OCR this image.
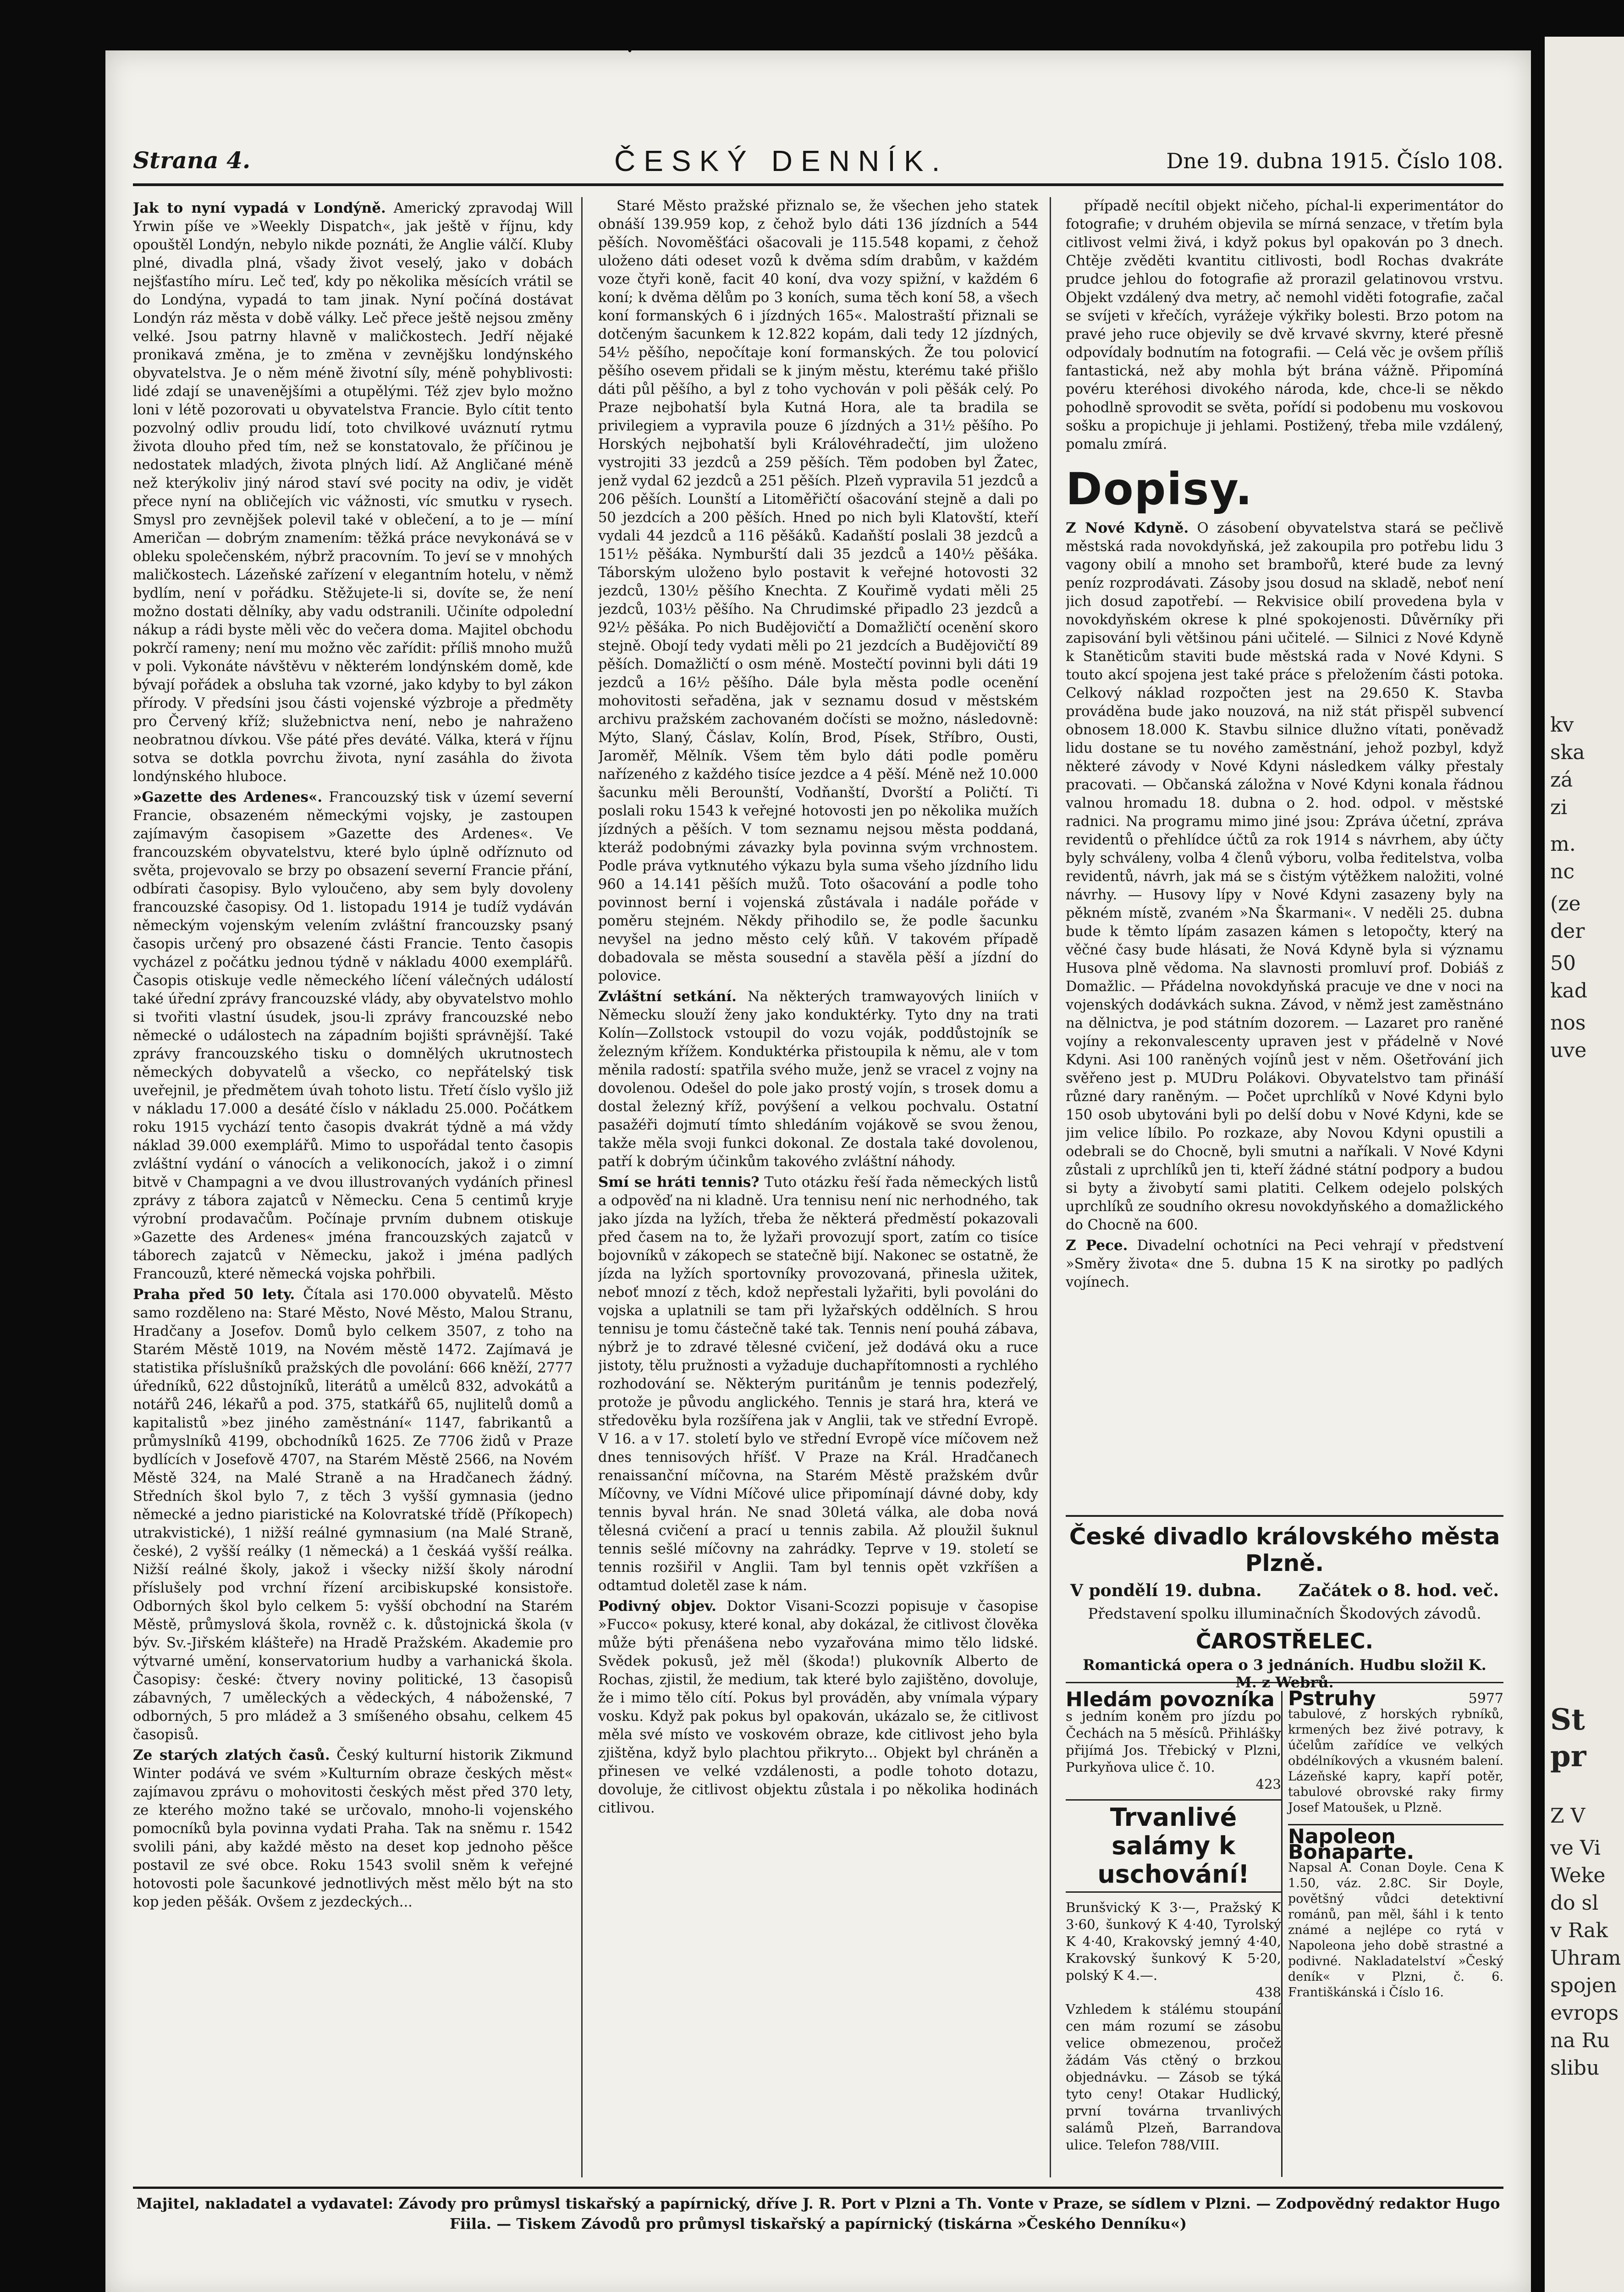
Strana 4.	ČESKÝ DENNÍK.	Dne 19. dubna 1915. Číslo 108.

Jak to nyní vypadá v Londýně. Americký zpravodaj Will Yrwin píše ve »Weekly Dispatch«, jak ještě v říjnu, kdy opouštěl Londýn, nebylo nikde poznáti, že Anglie válčí. Kluby plné, divadla plná, všady život veselý, jako v dobách nejšťastího míru. Leč teď, kdy po několika měsících vrátil se do Londýna, vypadá to tam jinak. Nyní počíná dostávat Londýn ráz města v době války. Leč přece ještě nejsou změny velké. Jsou patrny hlavně v maličkostech. Jedří nějaké pronikavá změna, je to změna v zevnějšku londýnského obyvatelstva. Je o něm méně životní síly, méně pohyblivosti: lidé zdají se unavenějšími a otupělými. Též zjev bylo možno loni v létě pozorovati u obyvatelstva Francie. Bylo cítit tento pozvolný odliv proudu lidí, toto chvilkové uváznutí rytmu života dlouho před tím, než se konstatovalo, že příčinou je nedostatek mladých, života plných lidí. Až Angličané méně než kterýkoliv jiný národ staví své pocity na odiv, je vidět přece nyní na obličejích vic vážnosti, víc smutku v rysech. Smysl pro zevnějšek polevil také v oblečení, a to je — míní Američan — dobrým znamením: těžká práce nevykonává se v obleku společenském, nýbrž pracovním. To jeví se v mnohých maličkostech. Lázeňské zařízení v elegantním hotelu, v němž bydlím, není v pořádku. Stěžujete-li si, dovíte se, že není možno dostati dělníky, aby vadu odstranili. Učiníte odpolední nákup a rádi byste měli věc do večera doma. Majitel obchodu pokrčí rameny; není mu možno věc zařídit: příliš mnoho mužů v poli. Vykonáte návštěvu v některém londýnském domě, kde bývají pořádek a obsluha tak vzorné, jako kdyby to byl zákon přírody. V předsíni jsou části vojenské výzbroje a předměty pro Červený kříž; služebnictva není, nebo je nahraženo neobratnou dívkou. Vše páté přes deváté. Válka, která v říjnu sotva se dotkla povrchu života, nyní zasáhla do života londýnského hluboce.

»Gazette des Ardenes«. Francouzský tisk v území severní Francie, obsazeném německými vojsky, je zastoupen zajímavým časopisem »Gazette des Ardenes«. Ve francouzském obyvatelstvu, které bylo úplně odříznuto od světa, projevovalo se brzy po obsazení severní Francie přání, odbírati časopisy. Bylo vyloučeno, aby sem byly dovoleny francouzské časopisy. Od 1. listopadu 1914 je tudíž vydáván německým vojenským velením zvláštní francouzsky psaný časopis určený pro obsazené části Francie. Tento časopis vycházel z počátku jednou týdně v nákladu 4000 exemplářů. Časopis otiskuje vedle německého líčení válečných událostí také úřední zprávy francouzské vlády, aby obyvatelstvo mohlo si tvořiti vlastní úsudek, jsou-li zprávy francouzské nebo německé o událostech na západním bojišti správnější. Také zprávy francouzského tisku o domnělých ukrutnostech německých dobyvatelů a všecko, co nepřátelský tisk uveřejnil, je předmětem úvah tohoto listu. Třetí číslo vyšlo již v nákladu 17.000 a desáté číslo v nákladu 25.000. Počátkem roku 1915 vychází tento časopis dvakrát týdně a má vždy náklad 39.000 exemplářů. Mimo to uspořádal tento časopis zvláštní vydání o vánocích a velikonocích, jakož i o zimní bitvě v Champagni a ve dvou illustrovaných vydáních přinesl zprávy z tábora zajatců v Německu. Cena 5 centimů kryje výrobní prodavačům. Počínaje prvním dubnem otiskuje »Gazette des Ardenes« jména francouzských zajatců v táborech zajatců v Německu, jakož i jména padlých Francouzů, které německá vojska pohřbili.

Praha před 50 lety. Čítala asi 170.000 obyvatelů. Město samo rozděleno na: Staré Město, Nové Město, Malou Stranu, Hradčany a Josefov. Domů bylo celkem 3507, z toho na Starém Městě 1019, na Novém městě 1472. Zajímavá je statistika příslušníků pražských dle povolání: 666 kněží, 2777 úředníků, 622 důstojníků, literátů a umělců 832, advokátů a notářů 246, lékařů a pod. 375, statkářů 65, nujlitelů domů a kapitalistů »bez jiného zaměstnání« 1147, fabrikantů a průmyslníků 4199, obchodníků 1625. Ze 7706 židů v Praze bydlících v Josefově 4707, na Starém Městě 2566, na Novém Městě 324, na Malé Straně a na Hradčanech žádný. Středních škol bylo 7, z těch 3 vyšší gymnasia (jedno německé a jedno piaristické na Kolovratské třídě (Příkopech) utrakvistické), 1 nižší reálné gymnasium (na Malé Straně, české), 2 vyšší reálky (1 německá) a 1 českáá vyšší reálka. Nižší reálné školy, jakož i všecky nižší školy národní příslušely pod vrchní řízení arcibiskupské konsistoře. Odborných škol bylo celkem 5: vyšší obchodní na Starém Městě, průmyslová škola, rovněž c. k. důstojnická škola (v býv. Sv.-Jiřském klášteře) na Hradě Pražském. Akademie pro výtvarné umění, konservatorium hudby a varhanická škola. Časopisy: české: čtvery noviny politické, 13 časopisů zábavných, 7 uměleckých a vědeckých, 4 náboženské, 7 odborných, 5 pro mládež a 3 smíšeného obsahu, celkem 45 časopisů.

Ze starých zlatých časů. Český kulturní historik Zikmund Winter podává ve svém »Kulturním obraze českých měst« zajímavou zprávu o mohovitosti českých měst před 370 lety, ze kterého možno také se určovalo, mnoho-li vojenského pomocníků byla povinna vydati Praha. Tak na sněmu r. 1542 svolili páni, aby každé město na deset kop jednoho pěšce postavil ze své obce. Roku 1543 svolil sněm k veřejné hotovosti pole šacunkové jednotlivých měst mělo být na sto kop jeden pěšák. Ovšem z jezdeckých...

Staré Město pražské přiznalo se, že všechen jeho statek obnáší 139.959 kop, z čehož bylo dáti 136 jízdních a 544 pěších. Novoměšťáci ošacovali je 115.548 kopami, z čehož uloženo dáti odeset vozů k dvěma sdím drabům, v každém voze čtyři koně, facit 40 koní, dva vozy spižní, v každém 6 koní; k dvěma dělům po 3 koních, suma těch koní 58, a všech koní formanských 6 i jízdných 165«. Malostraští přiznali se dotčeným šacunkem k 12.822 kopám, dali tedy 12 jízdných, 54½ pěšího, nepočítaje koní formanských. Že tou polovicí pěšího osevem přidali se k jiným městu, kterému také přišlo dáti půl pěšího, a byl z toho vychován v poli pěšák celý. Po Praze nejbohatší byla Kutná Hora, ale ta bradila se privilegiem a vypravila pouze 6 jízdných a 31½ pěšího. Po Horských nejbohatší byli Královéhradečtí, jim uloženo vystrojiti 33 jezdců a 259 pěších. Těm podoben byl Žatec, jenž vydal 62 jezdců a 251 pěších. Plzeň vypravila 51 jezdců a 206 pěších. Lounští a Litoměřičtí ošacování stejně a dali po 50 jezdcích a 200 pěších. Hned po nich byli Klatovští, kteří vydali 44 jezdců a 116 pěšáků. Kadaňští poslali 38 jezdců a 151½ pěšáka. Nymburští dali 35 jezdců a 140½ pěšáka. Táborským uloženo bylo postavit k veřejné hotovosti 32 jezdců, 130½ pěšího Knechta. Z Kouřimě vydati měli 25 jezdců, 103½ pěšího. Na Chrudimské připadlo 23 jezdců a 92½ pěšáka. Po nich Budějovičtí a Domažličtí ocenění skoro stejně. Obojí tedy vydati měli po 21 jezdcích a Budějovičtí 89 pěších. Domažličtí o osm méně. Mostečtí povinni byli dáti 19 jezdců a 16½ pěšího. Dále byla města podle ocenění mohovitosti seřaděna, jak v seznamu dosud v městském archivu pražském zachovaném dočísti se možno, následovně: Mýto, Slaný, Čáslav, Kolín, Brod, Písek, Stříbro, Ousti, Jaroměř, Mělník. Všem těm bylo dáti podle poměru nařízeného z každého tisíce jezdce a 4 pěší. Méně než 10.000 šacunku měli Berounští, Vodňanští, Dvorští a Poličtí. Ti poslali roku 1543 k veřejné hotovosti jen po několika mužích jízdných a pěších. V tom seznamu nejsou města poddaná, kteráž podobnými závazky byla povinna svým vrchnostem. Podle práva vytknutého výkazu byla suma všeho jízdního lidu 960 a 14.141 pěších mužů. Toto ošacování a podle toho povinnost berní i vojenská zůstávala i nadále pořáde v poměru stejném. Někdy přihodilo se, že podle šacunku nevyšel na jedno město celý kůň. V takovém případě dobadovala se města sousední a stavěla pěší a jízdní do polovice.

Zvláštní setkání. Na některých tramwayových liniích v Německu slouží ženy jako konduktérky. Tyto dny na trati Kolín—Zollstock vstoupil do vozu voják, poddůstojník se železným křížem. Konduktérka přistoupila k němu, ale v tom měnila radostí: spatřila svého muže, jenž se vracel z vojny na dovolenou. Odešel do pole jako prostý vojín, s trosek domu a dostal železný kříž, povýšení a velkou pochvalu. Ostatní pasažéři dojmutí tímto shledáním vojákově se svou ženou, takže měla svoji funkci dokonal. Ze dostala také dovolenou, patří k dobrým účinkům takového zvláštní náhody.

Smí se hráti tennis? Tuto otázku řeší řada německých listů a odpověď na ni kladně. Ura tennisu není nic nerhodného, tak jako jízda na lyžích, třeba že některá předměstí pokazovali před časem na to, že lyžaři provozují sport, zatím co tisíce bojovníků v zákopech se statečně bijí. Nakonec se ostatně, že jízda na lyžích sportovníky provozovaná, přinesla užitek, neboť mnozí z těch, kdož nepřestali lyžařiti, byli povoláni do vojska a uplatnili se tam při lyžařských oddělních. S hrou tennisu je tomu částečně také tak. Tennis není pouhá zábava, nýbrž je to zdravé tělesné cvičení, jež dodává oku a ruce jistoty, tělu pružnosti a vyžaduje duchapřítomnosti a rychlého rozhodování se. Některým puritánům je tennis podezřelý, protože je původu anglického. Tennis je stará hra, která ve středověku byla rozšířena jak v Anglii, tak ve střední Evropě. V 16. a v 17. století bylo ve střední Evropě více míčovem než dnes tennisových hříšť. V Praze na Král. Hradčanech renaissanční míčovna, na Starém Městě pražském dvůr Míčovny, ve Vídni Míčové ulice připomínají dávné doby, kdy tennis byval hrán. Ne snad 30letá válka, ale doba nová tělesná cvičení a prací u tennis zabila. Až ploužil šuknul tennis sešlé míčovny na zahrádky. Teprve v 19. století se tennis rozšiřil v Anglii. Tam byl tennis opět vzkříšen a odtamtud doletěl zase k nám.

Podivný objev. Doktor Visani-Scozzi popisuje v časopise »Fucco« pokusy, které konal, aby dokázal, že citlivost člověka může býti přenášena nebo vyzařována mimo tělo lidské. Svědek pokusů, jež měl (škoda!) plukovník Alberto de Rochas, zjistil, že medium, tak které bylo zajištěno, dovoluje, že i mimo tělo cítí. Pokus byl prováděn, aby vnímala výpary vosku. Když pak pokus byl opakován, ukázalo se, že citlivost měla své místo ve voskovém obraze, kde citlivost jeho byla zjištěna, když bylo plachtou přikryto... Objekt byl chráněn a přinesen ve velké vzdálenosti, a podle tohoto dotazu, dovoluje, že citlivost objektu zůstala i po několika hodinách citlivou.

případě necítil objekt ničeho, píchal-li experimentátor do fotografie; v druhém objevila se mírná senzace, v třetím byla citlivost velmi živá, i když pokus byl opakován po 3 dnech. Chtěje zvěděti kvantitu citlivosti, bodl Rochas dvakráte prudce jehlou do fotografie až prorazil gelatinovou vrstvu. Objekt vzdálený dva metry, ač nemohl viděti fotografie, začal se svíjeti v křečích, vyrážeje výkřiky bolesti. Brzo potom na pravé jeho ruce objevily se dvě krvavé skvrny, které přesně odpovídaly bodnutím na fotografii. — Celá věc je ovšem příliš fantastická, než aby mohla být brána vážně. Připomíná povéru kteréhosi divokého národa, kde, chce-li se někdo pohodlně sprovodit se světa, pořídí si podobenu mu voskovou sošku a propichuje ji jehlami. Postižený, třeba mile vzdálený, pomalu zmírá.

Dopisy.

Z Nové Kdyně. O zásobení obyvatelstva stará se pečlivě městská rada novokdyňská, jež zakoupila pro potřebu lidu 3 vagony obilí a mnoho set brambořů, které bude za levný peníz rozprodávati. Zásoby jsou dosud na skladě, neboť není jich dosud zapotřebí. — Rekvisice obilí provedena byla v novokdyňském okrese k plné spokojenosti. Důvěrníky při zapisování byli většinou páni učitelé. — Silnici z Nové Kdyně k Staněticům staviti bude městská rada v Nové Kdyni. S touto akcí spojena jest také práce s přeložením části potoka. Celkový náklad rozpočten jest na 29.650 K. Stavba prováděna bude jako nouzová, na niž stát přispěl subvencí obnosem 18.000 K. Stavbu silnice dlužno vítati, poněvadž lidu dostane se tu nového zaměstnání, jehož pozbyl, když některé závody v Nové Kdyni následkem války přestaly pracovati. — Občanská záložna v Nové Kdyni konala řádnou valnou hromadu 18. dubna o 2. hod. odpol. v městské radnici. Na programu mimo jiné jsou: Zpráva účetní, zpráva revidentů o přehlídce účtů za rok 1914 s návrhem, aby účty byly schváleny, volba 4 členů výboru, volba ředitelstva, volba revidentů, návrh, jak má se s čistým výtěžkem naložiti, volné návrhy. — Husovy lípy v Nové Kdyni zasazeny byly na pěkném místě, zvaném »Na Škarmani«. V neděli 25. dubna bude k těmto lípám zasazen kámen s letopočty, který na věčné časy bude hlásati, že Nová Kdyně byla si významu Husova plně vědoma. Na slavnosti promluví prof. Dobiáš z Domažlic. — Přádelna novokdyňská pracuje ve dne v noci na vojenských dodávkách sukna. Závod, v němž jest zaměstnáno na dělnictva, je pod státním dozorem. — Lazaret pro raněné vojíny a rekonvalescenty upraven jest v přádelně v Nové Kdyni. Asi 100 raněných vojínů jest v něm. Ošetřování jich svěřeno jest p. MUDru Polákovi. Obyvatelstvo tam přináší různé dary raněným. — Počet uprchlíků v Nové Kdyni bylo 150 osob ubytováni byli po delší dobu v Nové Kdyni, kde se jim velice líbilo. Po rozkaze, aby Novou Kdyni opustili a odebrali se do Chocně, byli smutni a naříkali. V Nové Kdyni zůstali z uprchlíků jen ti, kteří žádné státní podpory a budou si byty a živobytí sami platiti. Celkem odejelo polských uprchlíků ze soudního okresu novokdyňského a domažlického do Chocně na 600.

Z Pece. Divadelní ochotníci na Peci vehrají v předstvení »Směry života« dne 5. dubna 15 K na sirotky po padlých vojínech.

České divadlo královského města Plzně.
V pondělí 19. dubna. Začátek o 8. hod. več.
Představení spolku illuminačních Škodových závodů.
ČAROSTŘELEC.
Romantická opera o 3 jednáních. Hudbu složil K. M. z Webrů.
Hledám povozníka

s jedním koněm pro jízdu po Čechách na 5 měsíců. Přihlášky přijímá Jos. Třebický v Plzni, Purkyňova ulice č. 10.

423

Trvanlivé salámy k uschování!

Brunšvický K 3·—, Pražský K 3·60, šunkový K 4·40, Tyrolský K 4·40, Krakovský jemný 4·40, Krakovský šunkový K 5·20, polský K 4.—.

438

Vzhledem k stálému stoupání cen mám rozumí se zásobu velice obmezenou, pročež žádám Vás ctěný o brzkou objednávku. — Zásob se týká tyto ceny! Otakar Hudlický, první továrna trvanlivých salámů Plzeň, Barrandova ulice. Telefon 788/VIII.

Pstruhy	5977

tabulové, z horských rybníků, krmených bez živé potravy, k účelům zařídíce ve velkých obdélníkových a vkusném balení. Lázeňské kapry, kapří potěr, tabulové obrovské raky firmy Josef Matoušek, u Plzně.

Napoleon Bonaparte.

Napsal A. Conan Doyle. Cena K 1.50, váz. 2.8C. Sir Doyle, povětšný vůdci detektivní románů, pan měl, šáhl i k tento známé a nejlépe co rytá v Napoleona jeho době strastné a podivné. Nakladatelství »Český deník« v Plzni, č. 6. Františkánská i Číslo 16.

Majitel, nakladatel a vydavatel: Závody pro průmysl tiskařský a papírnický, dříve J. R. Port v Plzni a Th. Vonte v Praze, se sídlem v Plzni. — Zodpovědný redaktor Hugo Fiila. — Tiskem Závodů pro průmysl tiskařský a papírnický (tiskárna »Českého Denníku«)
kv
ska
zá
zi
m.
nc
(ze
der
50
kad
nos
uve
St
pr
Z V
ve Vi
Weke
do sl
v Rak
Uhram
spojen
evrops
na Ru
slibu
